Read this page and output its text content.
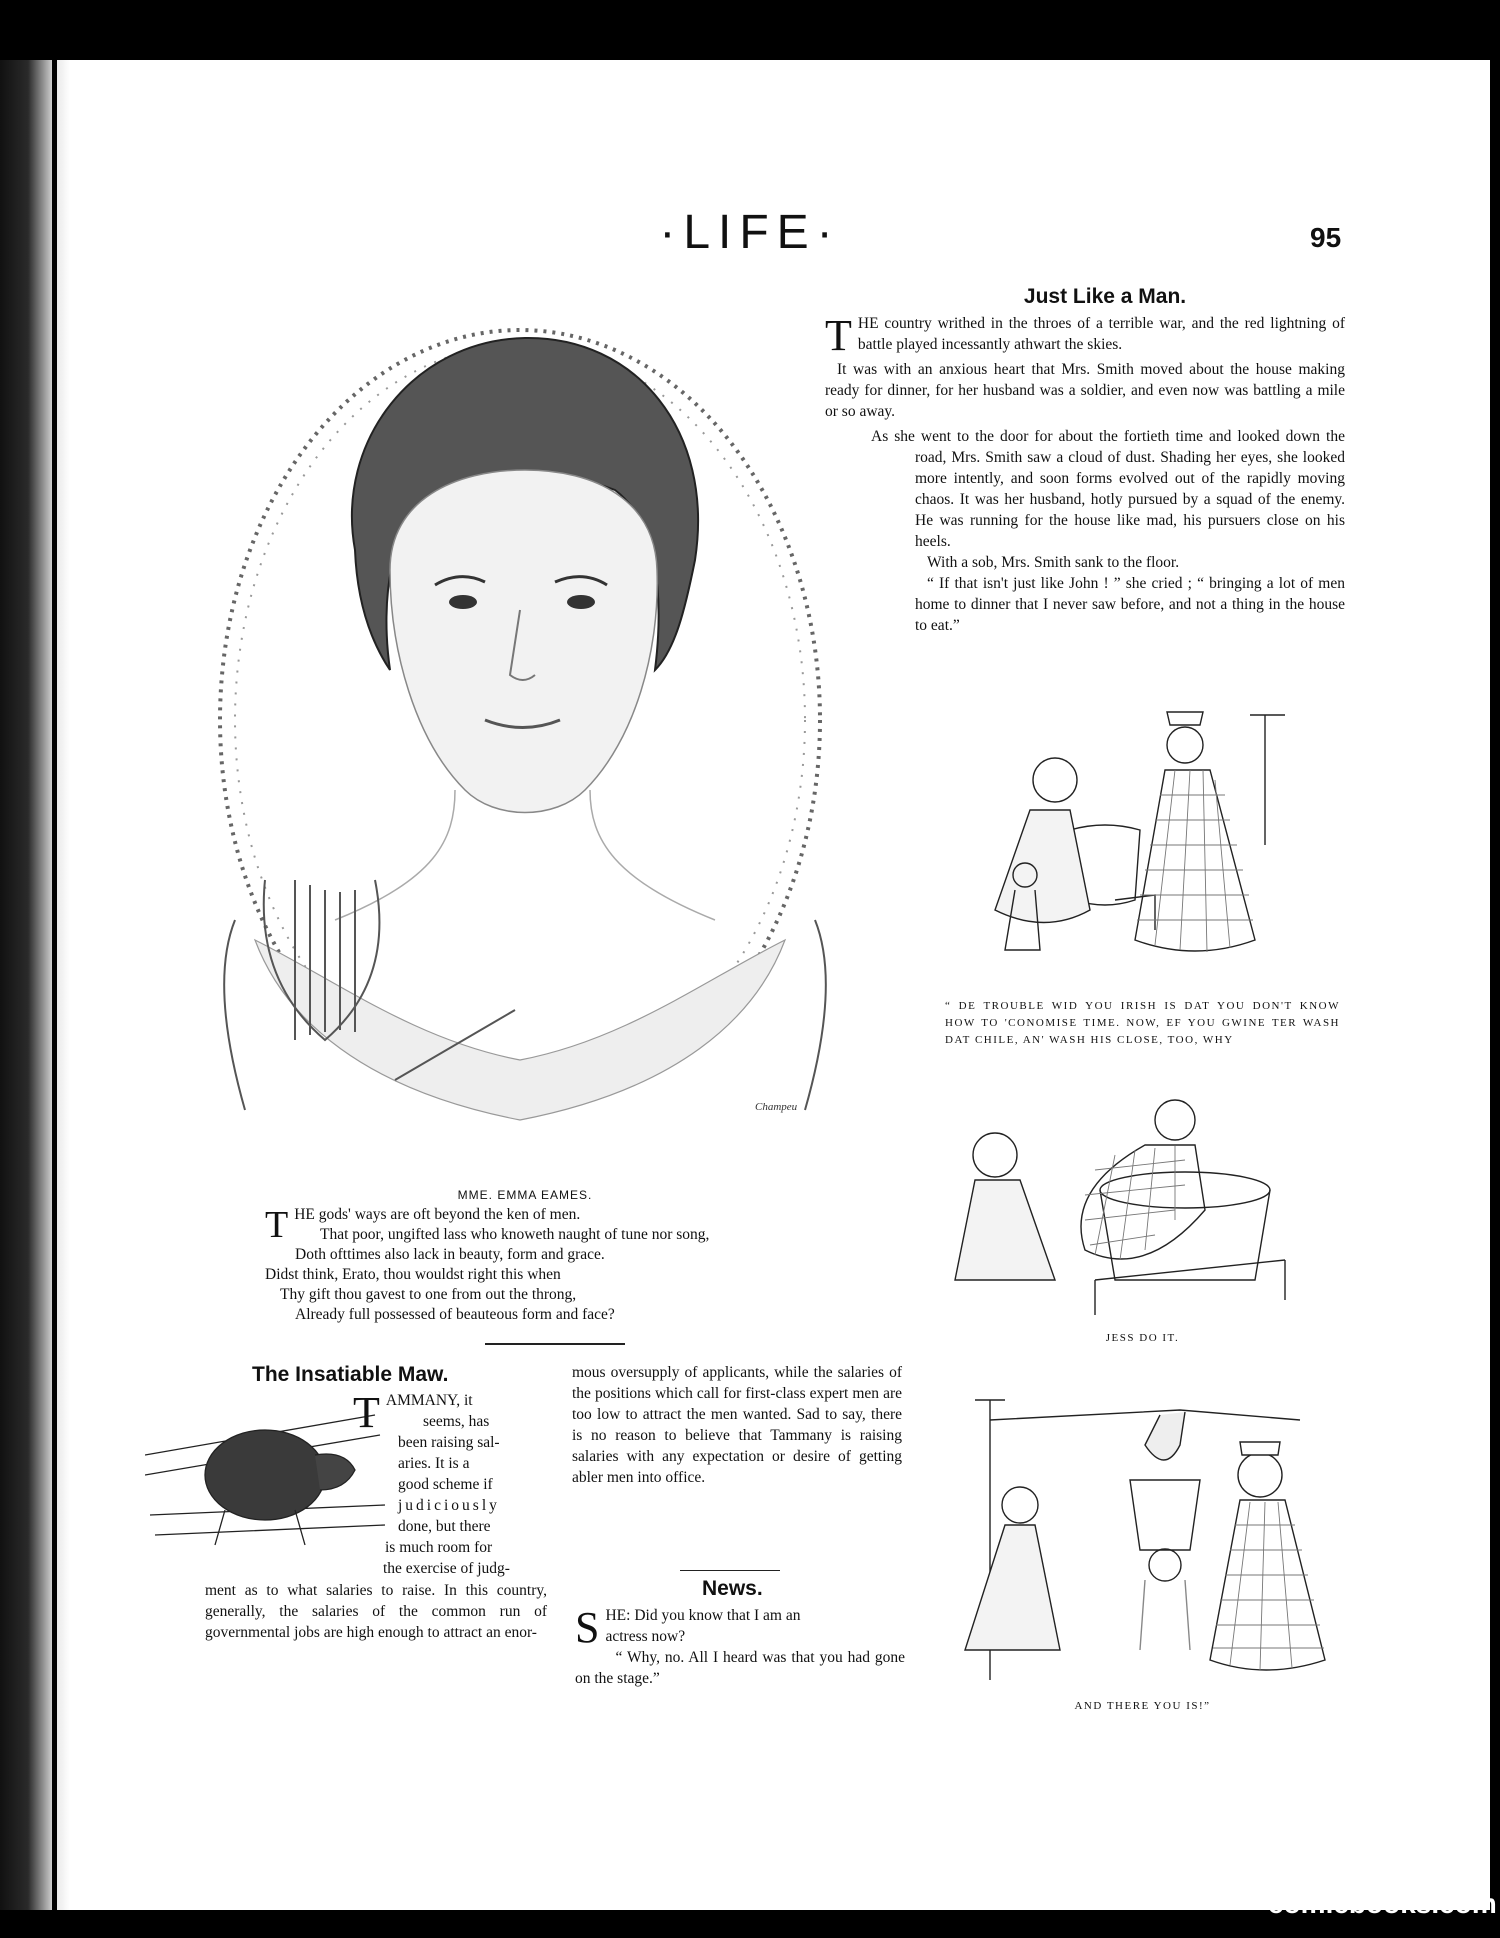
·LIFE·	95
Just Like a Man.

THE country writhed in the throes of a terrible war, and the red lightning of battle played incessantly athwart the skies.

It was with an anxious heart that Mrs. Smith moved about the house making ready for dinner, for her husband was a soldier, and even now was battling a mile or so away.

As she went to the door for about the fortieth time and looked down the road, Mrs. Smith saw a cloud of dust. Shading her eyes, she looked more intently, and soon forms evolved out of the rapidly moving chaos. It was her husband, hotly pursued by a squad of the enemy. He was running for the house like mad, his pursuers close on his heels.

With a sob, Mrs. Smith sank to the floor.

“ If that isn't just like John ! ” she cried ; “ bringing a lot of men home to dinner that I never saw before, and not a thing in the house to eat.”

Champeu
MME. EMMA EAMES.
THE gods' ways are oft beyond the ken of men.
That poor, ungifted lass who knoweth naught of tune nor song,
Doth ofttimes also lack in beauty, form and grace.
Didst think, Erato, thou wouldst right this when
Thy gift thou gavest to one from out the throng,
Already full possessed of beauteous form and face?
The Insatiable Maw.
TAMMANY, it
seems, has
been raising sal-
aries. It is a
good scheme if
judiciously
done, but there
is much room for
the exercise of judg-
ment as to what salaries to raise. In this country, generally, the salaries of the common run of governmental jobs are high enough to attract an enor-
mous oversupply of applicants, while the salaries of the positions which call for first-class expert men are too low to attract the men wanted. Sad to say, there is no reason to believe that Tammany is raising salaries with any expectation or desire of getting abler men into office.
News.
SHE: Did you know that I am an
actress now?

“ Why, no. All I heard was that you had gone on the stage.”

“ DE TROUBLE WID YOU IRISH IS DAT YOU DON'T KNOW HOW TO 'CONOMISE TIME. NOW, EF YOU GWINE TER WASH DAT CHILE, AN' WASH HIS CLOSE, TOO, WHY
JESS DO IT.
AND THERE YOU IS!”
comicbooks.com
